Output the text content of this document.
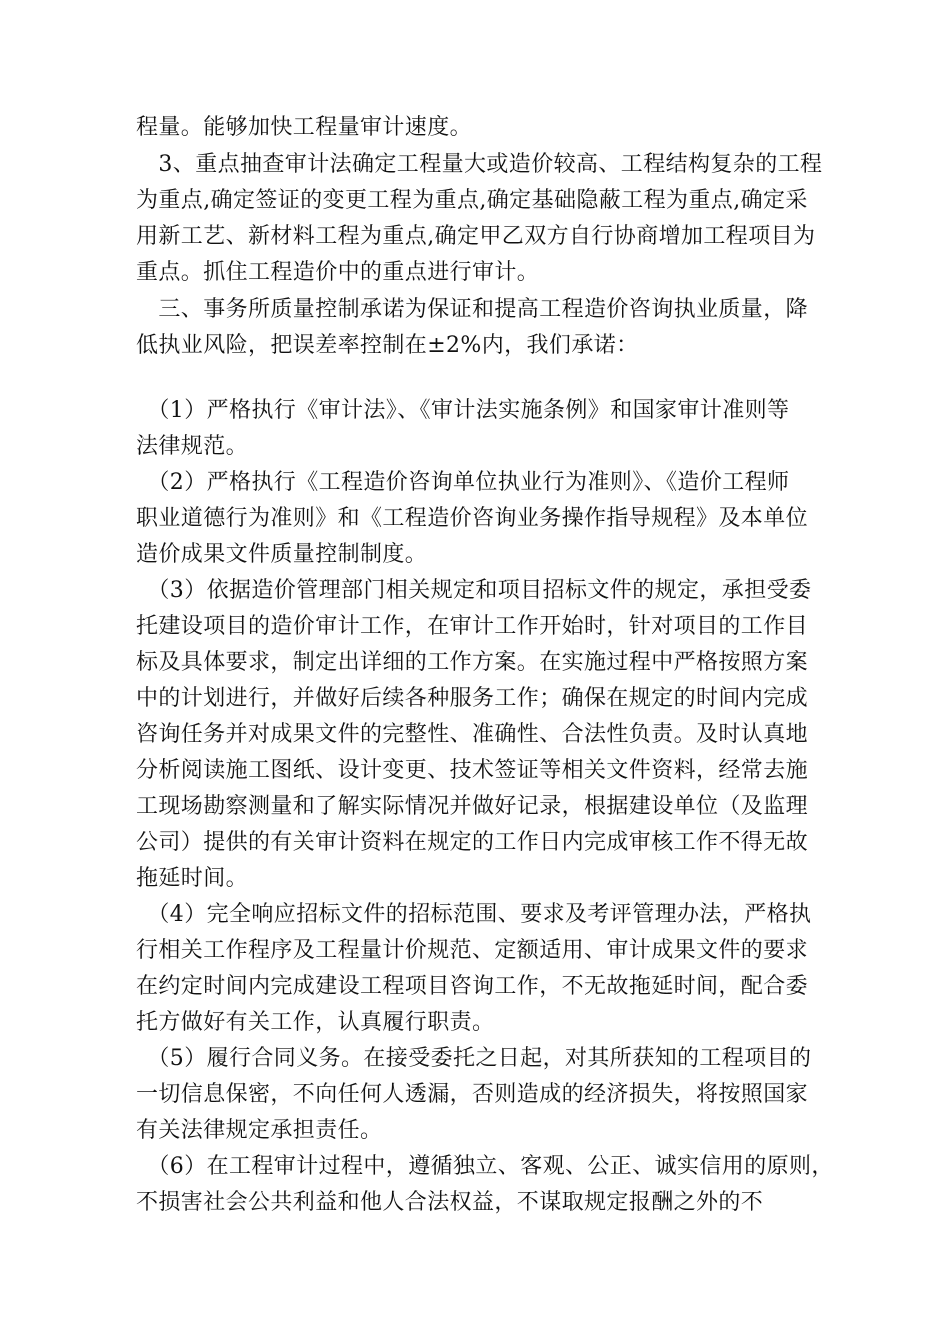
程量。能够加快工程量审计速度。
　3、重点抽查审计法确定工程量大或造价较高、工程结构复杂的工程
为重点,确定签证的变更工程为重点,确定基础隐蔽工程为重点,确定采
用新工艺、新材料工程为重点,确定甲乙双方自行协商增加工程项目为
重点。抓住工程造价中的重点进行审计。
　三、事务所质量控制承诺为保证和提高工程造价咨询执业质量，降
低执业风险，把误差率控制在±2%内，我们承诺：
　（1）严格执行《审计法》、《审计法实施条例》和国家审计准则等
法律规范。
　（2）严格执行《工程造价咨询单位执业行为准则》、《造价工程师
职业道德行为准则》和《工程造价咨询业务操作指导规程》及本单位
造价成果文件质量控制制度。
　（3）依据造价管理部门相关规定和项目招标文件的规定，承担受委
托建设项目的造价审计工作，在审计工作开始时，针对项目的工作目
标及具体要求，制定出详细的工作方案。在实施过程中严格按照方案
中的计划进行，并做好后续各种服务工作；确保在规定的时间内完成
咨询任务并对成果文件的完整性、准确性、合法性负责。及时认真地
分析阅读施工图纸、设计变更、技术签证等相关文件资料，经常去施
工现场勘察测量和了解实际情况并做好记录，根据建设单位（及监理
公司）提供的有关审计资料在规定的工作日内完成审核工作不得无故
拖延时间。
　（4）完全响应招标文件的招标范围、要求及考评管理办法，严格执
行相关工作程序及工程量计价规范、定额适用、审计成果文件的要求
在约定时间内完成建设工程项目咨询工作，不无故拖延时间，配合委
托方做好有关工作，认真履行职责。
　（5）履行合同义务。在接受委托之日起，对其所获知的工程项目的
一切信息保密，不向任何人透漏，否则造成的经济损失，将按照国家
有关法律规定承担责任。
　（6）在工程审计过程中，遵循独立、客观、公正、诚实信用的原则，
不损害社会公共利益和他人合法权益，不谋取规定报酬之外的不
